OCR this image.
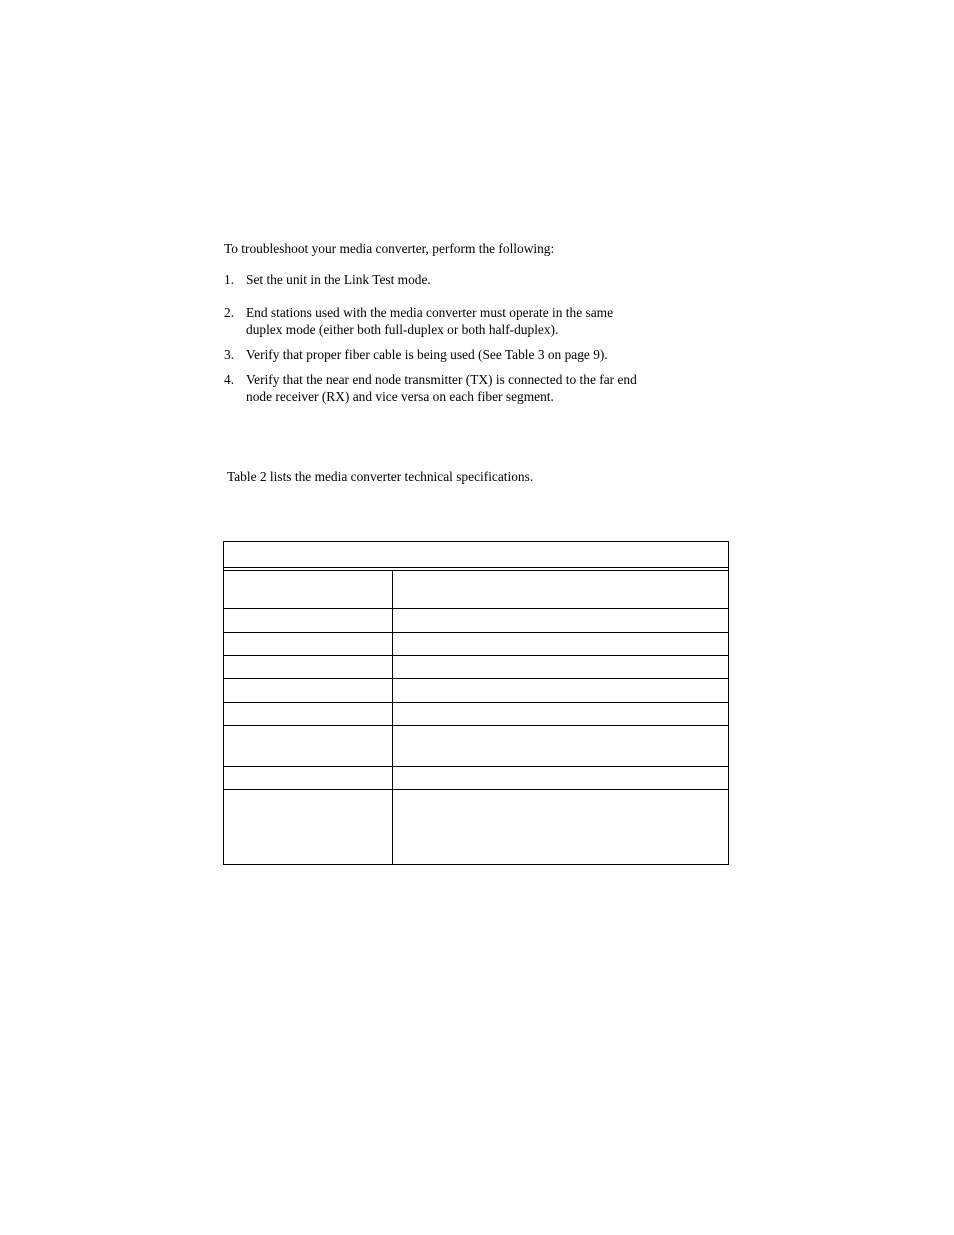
To troubleshoot your media converter, perform the following:

1. Set the unit in the Link Test mode.
2. End stations used with the media converter must operate in the same
duplex mode (either both full-duplex or both half-duplex).
3. Verify that proper fiber cable is being used (See Table 3 on page 9).
4. Verify that the near end node transmitter (TX) is connected to the far end
node receiver (RX) and vice versa on each fiber segment.

Table 2 lists the media converter technical specifications.
